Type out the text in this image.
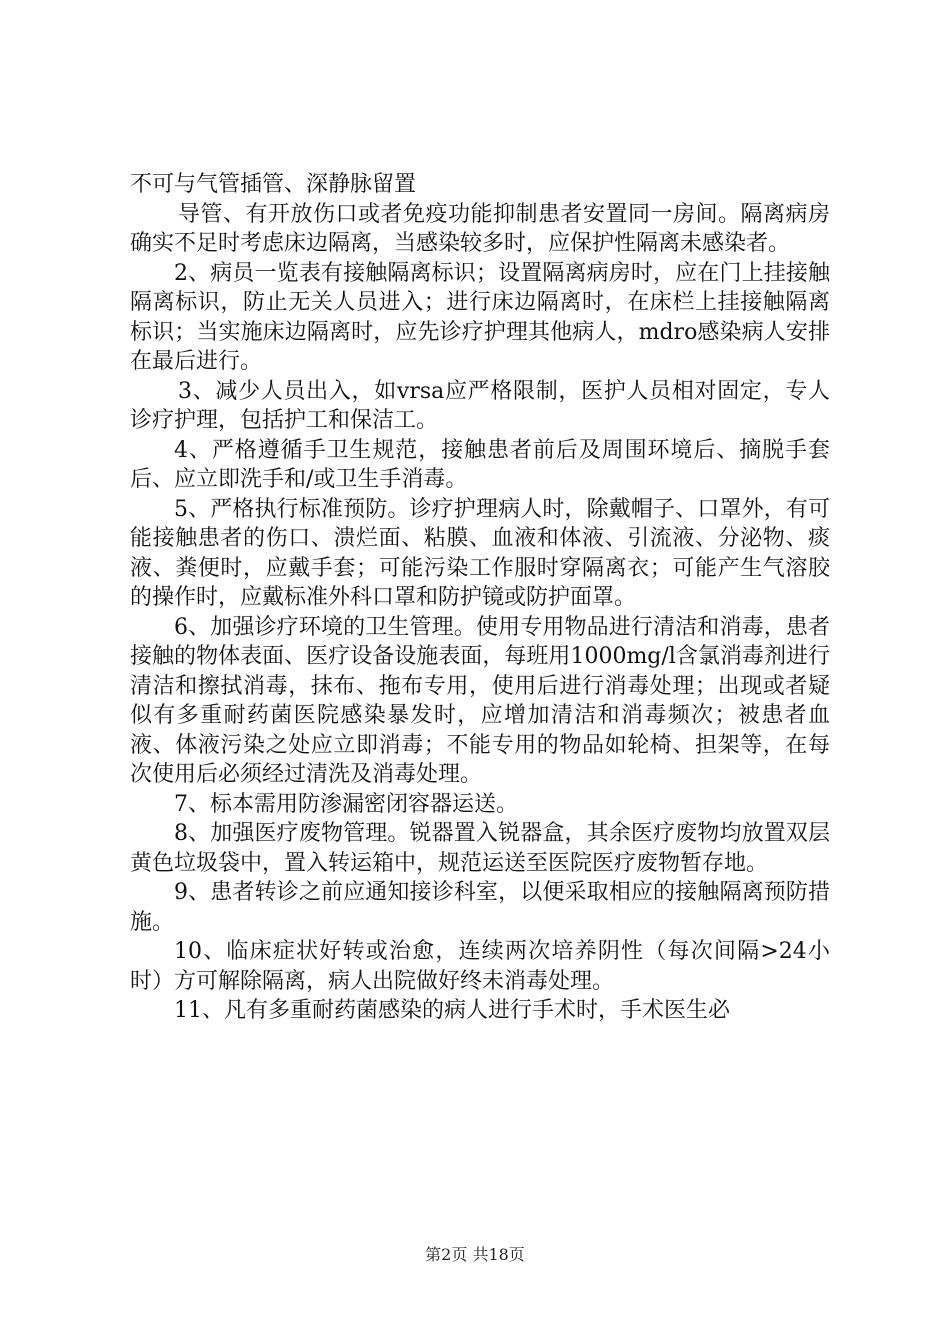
不可与气管插管、深静脉留置

导管、有开放伤口或者免疫功能抑制患者安置同一房间。隔离病房确实不足时考虑床边隔离，当感染较多时，应保护性隔离未感染者。

2、病员一览表有接触隔离标识；设置隔离病房时，应在门上挂接触隔离标识，防止无关人员进入；进行床边隔离时，在床栏上挂接触隔离标识；当实施床边隔离时，应先诊疗护理其他病人，mdro感染病人安排在最后进行。

3、减少人员出入，如vrsa应严格限制，医护人员相对固定，专人诊疗护理，包括护工和保洁工。

4、严格遵循手卫生规范，接触患者前后及周围环境后、摘脱手套后、应立即洗手和/或卫生手消毒。

5、严格执行标准预防。诊疗护理病人时，除戴帽子、口罩外，有可能接触患者的伤口、溃烂面、粘膜、血液和体液、引流液、分泌物、痰液、粪便时，应戴手套；可能污染工作服时穿隔离衣；可能产生气溶胶的操作时，应戴标准外科口罩和防护镜或防护面罩。

6、加强诊疗环境的卫生管理。使用专用物品进行清洁和消毒，患者接触的物体表面、医疗设备设施表面，每班用1000mg/l含氯消毒剂进行清洁和擦拭消毒，抹布、拖布专用，使用后进行消毒处理；出现或者疑似有多重耐药菌医院感染暴发时，应增加清洁和消毒频次；被患者血液、体液污染之处应立即消毒；不能专用的物品如轮椅、担架等，在每次使用后必须经过清洗及消毒处理。

7、标本需用防渗漏密闭容器运送。

8、加强医疗废物管理。锐器置入锐器盒，其余医疗废物均放置双层黄色垃圾袋中，置入转运箱中，规范运送至医院医疗废物暂存地。

9、患者转诊之前应通知接诊科室，以便采取相应的接触隔离预防措施。

10、临床症状好转或治愈，连续两次培养阴性（每次间隔>24小时）方可解除隔离，病人出院做好终未消毒处理。

11、凡有多重耐药菌感染的病人进行手术时，手术医生必

第2页 共18页
